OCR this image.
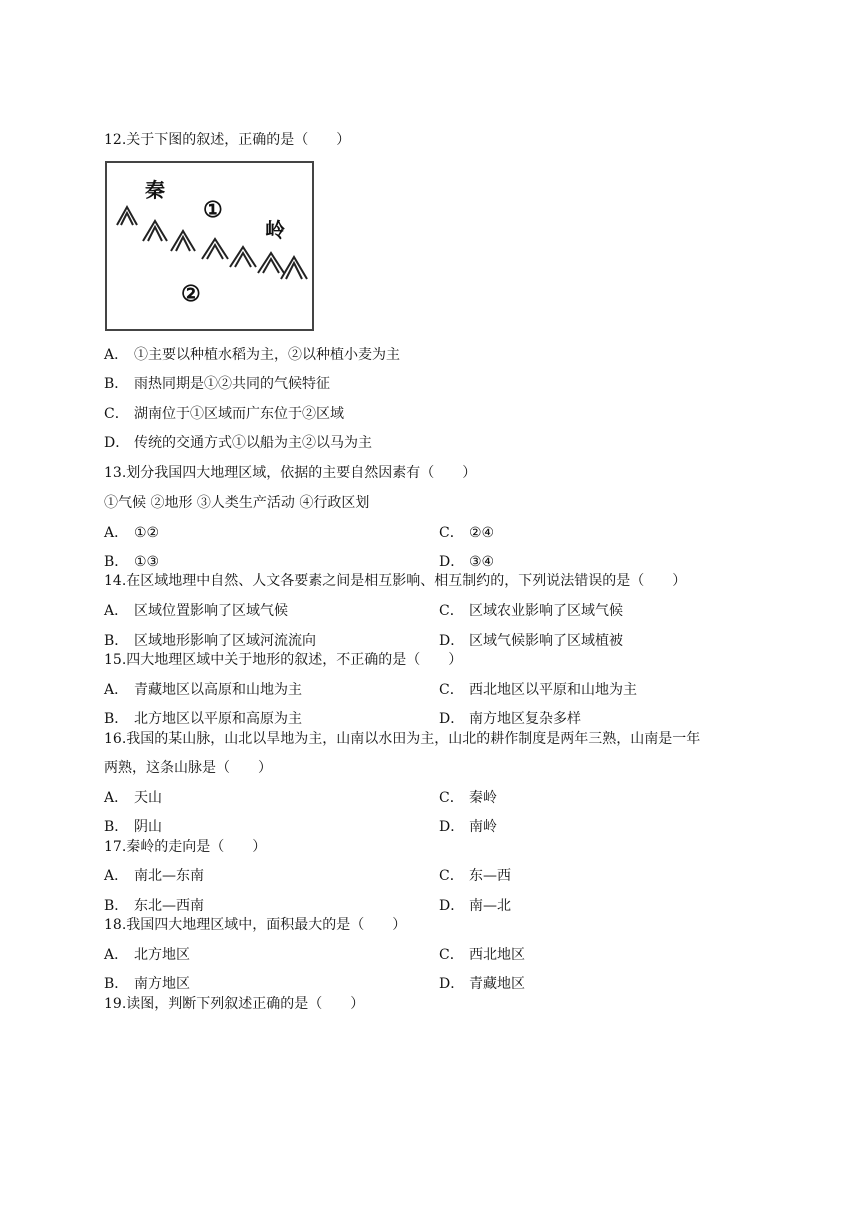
12.关于下图的叙述，正确的是（　　）
秦
①
岭
②
A． ①主要以种植水稻为主，②以种植小麦为主
B． 雨热同期是①②共同的气候特征
C． 湖南位于①区域而广东位于②区域
D． 传统的交通方式①以船为主②以马为主
13.划分我国四大地理区域，依据的主要自然因素有（　　）
①气候 ②地形 ③人类生产活动 ④行政区划
A． ①②	C． ②④
B． ①③	D． ③④
14.在区域地理中自然、人文各要素之间是相互影响、相互制约的，下列说法错误的是（　　）
A． 区域位置影响了区域气候	C． 区域农业影响了区域气候
B． 区域地形影响了区域河流流向	D． 区域气候影响了区域植被
15.四大地理区域中关于地形的叙述，不正确的是（　　）
A． 青藏地区以高原和山地为主	C． 西北地区以平原和山地为主
B． 北方地区以平原和高原为主	D． 南方地区复杂多样
16.我国的某山脉，山北以旱地为主，山南以水田为主，山北的耕作制度是两年三熟，山南是一年
两熟，这条山脉是（　　）
A． 天山	C． 秦岭
B． 阴山	D． 南岭
17.秦岭的走向是（　　）
A． 南北—东南	C． 东—西
B． 东北—西南	D． 南—北
18.我国四大地理区域中，面积最大的是（　　）
A． 北方地区	C． 西北地区
B． 南方地区	D． 青藏地区
19.读图，判断下列叙述正确的是（　　）
